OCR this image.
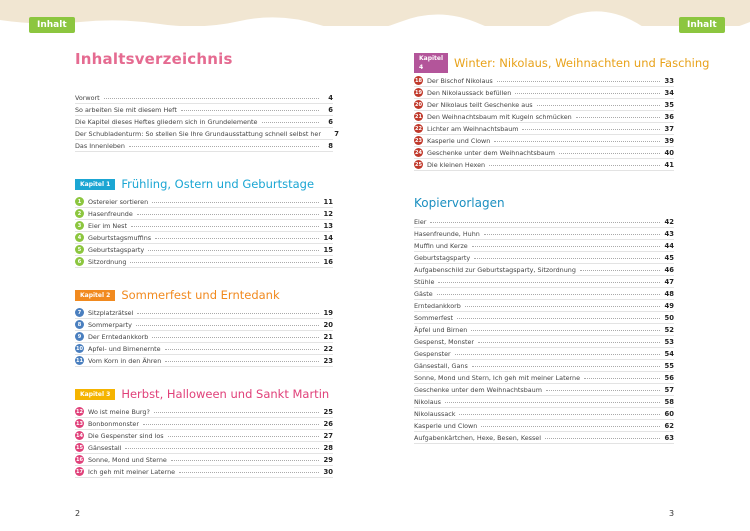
Inhalt	Inhalt
Inhaltsverzeichnis
Vorwort	4
So arbeiten Sie mit diesem Heft	6
Die Kapitel dieses Heftes gliedern sich in Grundelemente	6
Der Schubladenturm: So stellen Sie Ihre Grundausstattung schnell selbst her	7
Das Innenleben	8
Kapitel 1 Frühling, Ostern und Geburtstage
1	Ostereier sortieren	11
2	Hasenfreunde	12
3	Eier im Nest	13
4	Geburtstagsmuffins	14
5	Geburtstagsparty	15
6	Sitzordnung	16
Kapitel 2 Sommerfest und Erntedank
7	Sitzplatzrätsel	19
8	Sommerparty	20
9	Der Erntedankkorb	21
10 Apfel- und Birnenernte	22
11 Vom Korn in den Ähren	23
Kapitel 3 Herbst, Halloween und Sankt Martin
12 Wo ist meine Burg?	25
13 Bonbonmonster	26
14 Die Gespenster sind los	27
15 Gänsestall	28
16 Sonne, Mond und Sterne	29
17 Ich geh mit meiner Laterne	30
Kapitel 4	Winter: Nikolaus, Weihnachten und Fasching
18 Der Bischof Nikolaus	33
19 Den Nikolaussack befüllen	34
20 Der Nikolaus teilt Geschenke aus	35
21 Den Weihnachtsbaum mit Kugeln schmücken	36
22 Lichter am Weihnachtsbaum	37
23 Kasperle und Clown	39
24 Geschenke unter dem Weihnachtsbaum	40
25 Die kleinen Hexen	41
Kopiervorlagen
Eier	42
Hasenfreunde, Huhn	43
Muffin und Kerze	44
Geburtstagsparty	45
Aufgabenschild zur Geburtstagsparty, Sitzordnung	46
Stühle	47
Gäste	48
Erntedankkorb	49
Sommerfest	50
Äpfel und Birnen	52
Gespenst, Monster	53
Gespenster	54
Gänsestall, Gans	55
Sonne, Mond und Stern, Ich geh mit meiner Laterne	56
Geschenke unter dem Weihnachtsbaum	57
Nikolaus	58
Nikolaussack	60
Kasperle und Clown	62
Aufgabenkärtchen, Hexe, Besen, Kessel	63
2	3
